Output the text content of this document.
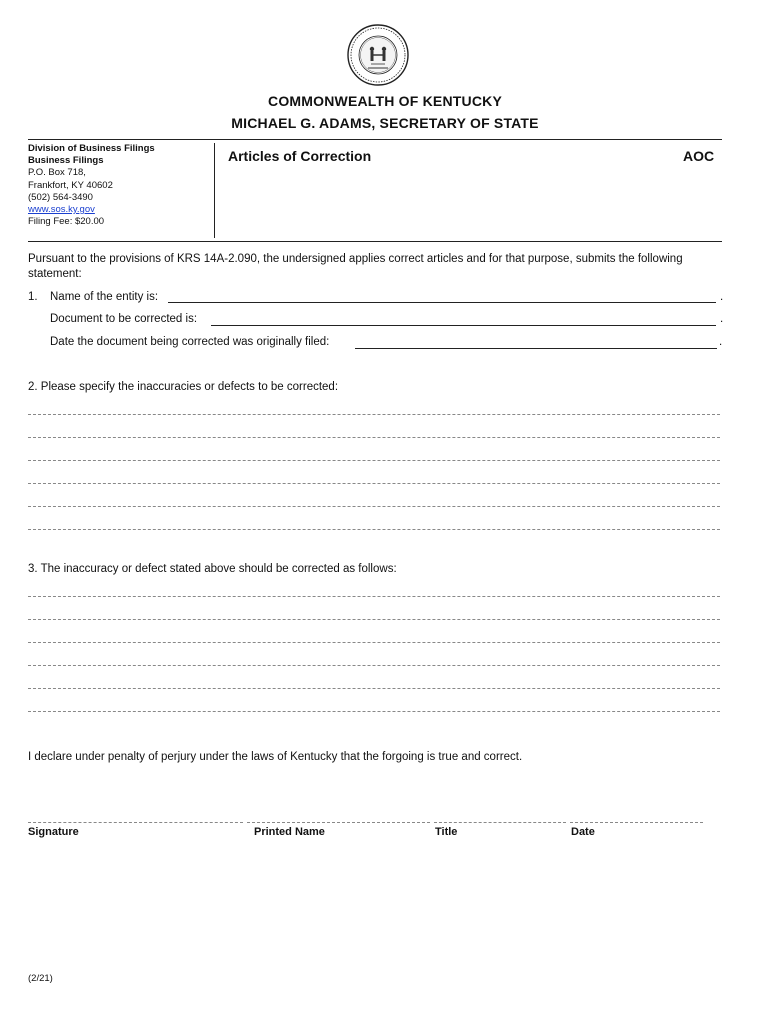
COMMONWEALTH OF KENTUCKY
MICHAEL G. ADAMS, SECRETARY OF STATE
Division of Business Filings
Business Filings
P.O. Box 718,
Frankfort, KY 40602
(502) 564-3490
www.sos.ky.gov
Filing Fee: $20.00
Articles of Correction	AOC
Pursuant to the provisions of KRS 14A-2.090, the undersigned applies correct articles and for that purpose, submits the following statement:
1. Name of the entity is:	.
Document to be corrected is:	.
Date the document being corrected was originally filed:	.
2. Please specify the inaccuracies or defects to be corrected:
3. The inaccuracy or defect stated above should be corrected as follows:
I declare under penalty of perjury under the laws of Kentucky that the forgoing is true and correct.
Signature	Printed Name	Title	Date
(2/21)
